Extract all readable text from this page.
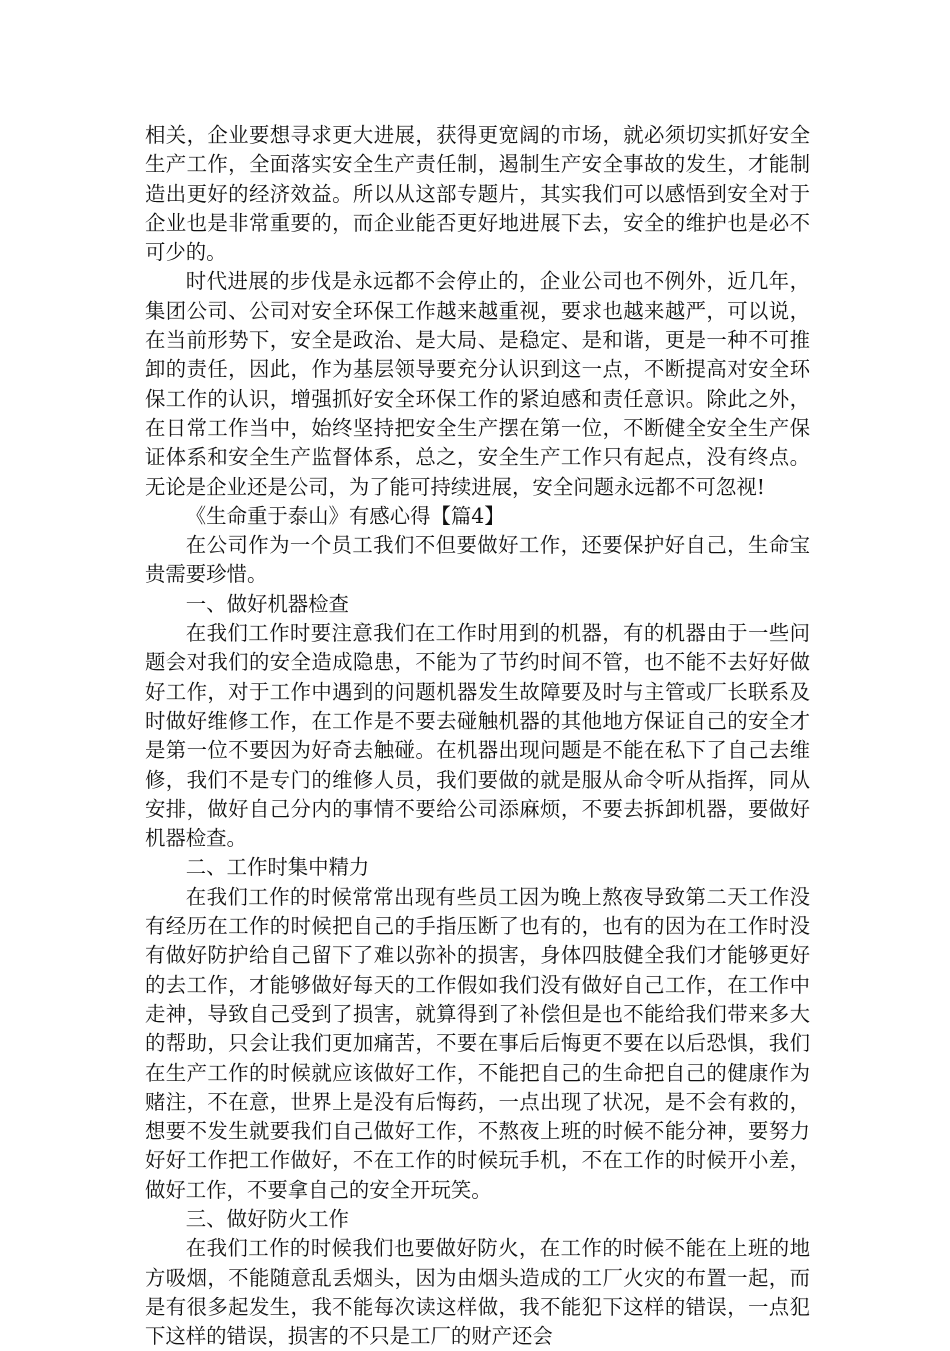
相关，企业要想寻求更大进展，获得更宽阔的市场，就必须切实抓好安全生产工作，全面落实安全生产责任制，遏制生产安全事故的发生，才能制造出更好的经济效益。所以从这部专题片，其实我们可以感悟到安全对于企业也是非常重要的，而企业能否更好地进展下去，安全的维护也是必不可少的。

时代进展的步伐是永远都不会停止的，企业公司也不例外，近几年，集团公司、公司对安全环保工作越来越重视，要求也越来越严，可以说，在当前形势下，安全是政治、是大局、是稳定、是和谐，更是一种不可推卸的责任，因此，作为基层领导要充分认识到这一点，不断提高对安全环保工作的认识，增强抓好安全环保工作的紧迫感和责任意识。除此之外，在日常工作当中，始终坚持把安全生产摆在第一位，不断健全安全生产保证体系和安全生产监督体系，总之，安全生产工作只有起点，没有终点。无论是企业还是公司，为了能可持续进展，安全问题永远都不可忽视!

《生命重于泰山》有感心得【篇4】

在公司作为一个员工我们不但要做好工作，还要保护好自己，生命宝贵需要珍惜。

一、做好机器检查

在我们工作时要注意我们在工作时用到的机器，有的机器由于一些问题会对我们的安全造成隐患，不能为了节约时间不管，也不能不去好好做好工作，对于工作中遇到的问题机器发生故障要及时与主管或厂长联系及时做好维修工作，在工作是不要去碰触机器的其他地方保证自己的安全才是第一位不要因为好奇去触碰。在机器出现问题是不能在私下了自己去维修，我们不是专门的维修人员，我们要做的就是服从命令听从指挥，同从安排，做好自己分内的事情不要给公司添麻烦，不要去拆卸机器，要做好机器检查。

二、工作时集中精力

在我们工作的时候常常出现有些员工因为晚上熬夜导致第二天工作没有经历在工作的时候把自己的手指压断了也有的，也有的因为在工作时没有做好防护给自己留下了难以弥补的损害，身体四肢健全我们才能够更好的去工作，才能够做好每天的工作假如我们没有做好自己工作，在工作中走神，导致自己受到了损害，就算得到了补偿但是也不能给我们带来多大的帮助，只会让我们更加痛苦，不要在事后后悔更不要在以后恐惧，我们在生产工作的时候就应该做好工作，不能把自己的生命把自己的健康作为赌注，不在意，世界上是没有后悔药，一点出现了状况，是不会有救的，想要不发生就要我们自己做好工作，不熬夜上班的时候不能分神，要努力好好工作把工作做好，不在工作的时候玩手机，不在工作的时候开小差，做好工作，不要拿自己的安全开玩笑。

三、做好防火工作

在我们工作的时候我们也要做好防火，在工作的时候不能在上班的地方吸烟，不能随意乱丢烟头，因为由烟头造成的工厂火灾的布置一起，而是有很多起发生，我不能每次读这样做，我不能犯下这样的错误，一点犯下这样的错误，损害的不只是工厂的财产还会
